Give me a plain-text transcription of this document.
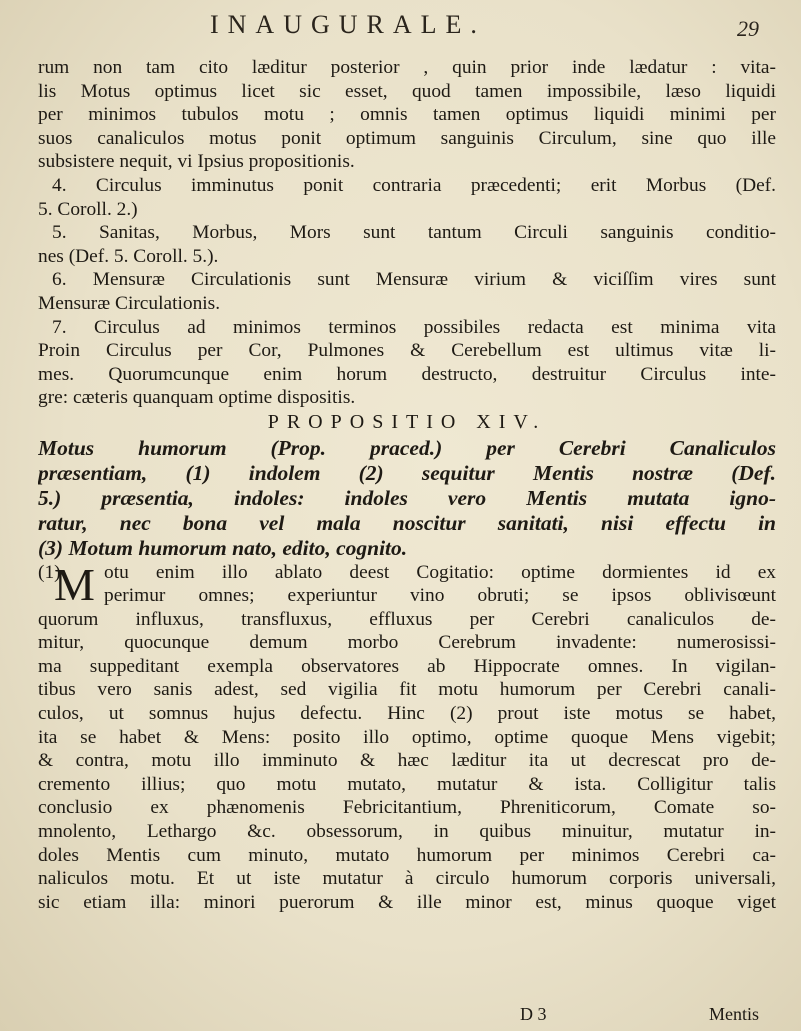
INAUGURALE.	29
rum non tam cito læditur posterior , quin prior inde lædatur : vita-
lis Motus optimus licet sic esset, quod tamen impossibile, læso liquidi
per minimos tubulos motu ; omnis tamen optimus liquidi minimi per
suos canaliculos motus ponit optimum sanguinis Circulum, sine quo ille
subsistere nequit, vi Ipsius propositionis.
4. Circulus imminutus ponit contraria præcedenti; erit Morbus (Def.
5. Coroll. 2.)
5. Sanitas, Morbus, Mors sunt tantum Circuli sanguinis conditio-
nes (Def. 5. Coroll. 5.).
6. Mensuræ Circulationis sunt Mensuræ virium & viciſſim vires sunt
Mensuræ Circulationis.
7. Circulus ad minimos terminos possibiles redacta est minima vita
Proin Circulus per Cor, Pulmones & Cerebellum est ultimus vitæ li-
mes. Quorumcunque enim horum destructo, destruitur Circulus inte-
gre: cæteris quanquam optime dispositis.
PROPOSITIO XIV.
Motus humorum (Prop. praced.) per Cerebri Canaliculos
præsentiam, (1) indolem (2) sequitur Mentis nostræ (Def.
5.) præsentia, indoles: indoles vero Mentis mutata igno-
ratur, nec bona vel mala noscitur sanitati, nisi effectu in
(3) Motum humorum nato, edito, cognito.
(1)
M otu enim illo ablato deest Cogitatio: optime dormientes id ex
perimur omnes; experiuntur vino obruti; se ipsos oblivisœunt
quorum influxus, transfluxus, effluxus per Cerebri canaliculos de-
mitur, quocunque demum morbo Cerebrum invadente: numerosissi-
ma suppeditant exempla observatores ab Hippocrate omnes. In vigilan-
tibus vero sanis adest, sed vigilia fit motu humorum per Cerebri canali-
culos, ut somnus hujus defectu. Hinc (2) prout iste motus se habet,
ita se habet & Mens: posito illo optimo, optime quoque Mens vigebit;
& contra, motu illo imminuto & hæc læditur ita ut decrescat pro de-
cremento illius; quo motu mutato, mutatur & ista. Colligitur talis
conclusio ex phænomenis Febricitantium, Phreniticorum, Comate so-
mnolento, Lethargo &c. obsessorum, in quibus minuitur, mutatur in-
doles Mentis cum minuto, mutato humorum per minimos Cerebri ca-
naliculos motu. Et ut iste mutatur à circulo humorum corporis universali,
sic etiam illa: minori puerorum & ille minor est, minus quoque viget
D 3	Mentis
